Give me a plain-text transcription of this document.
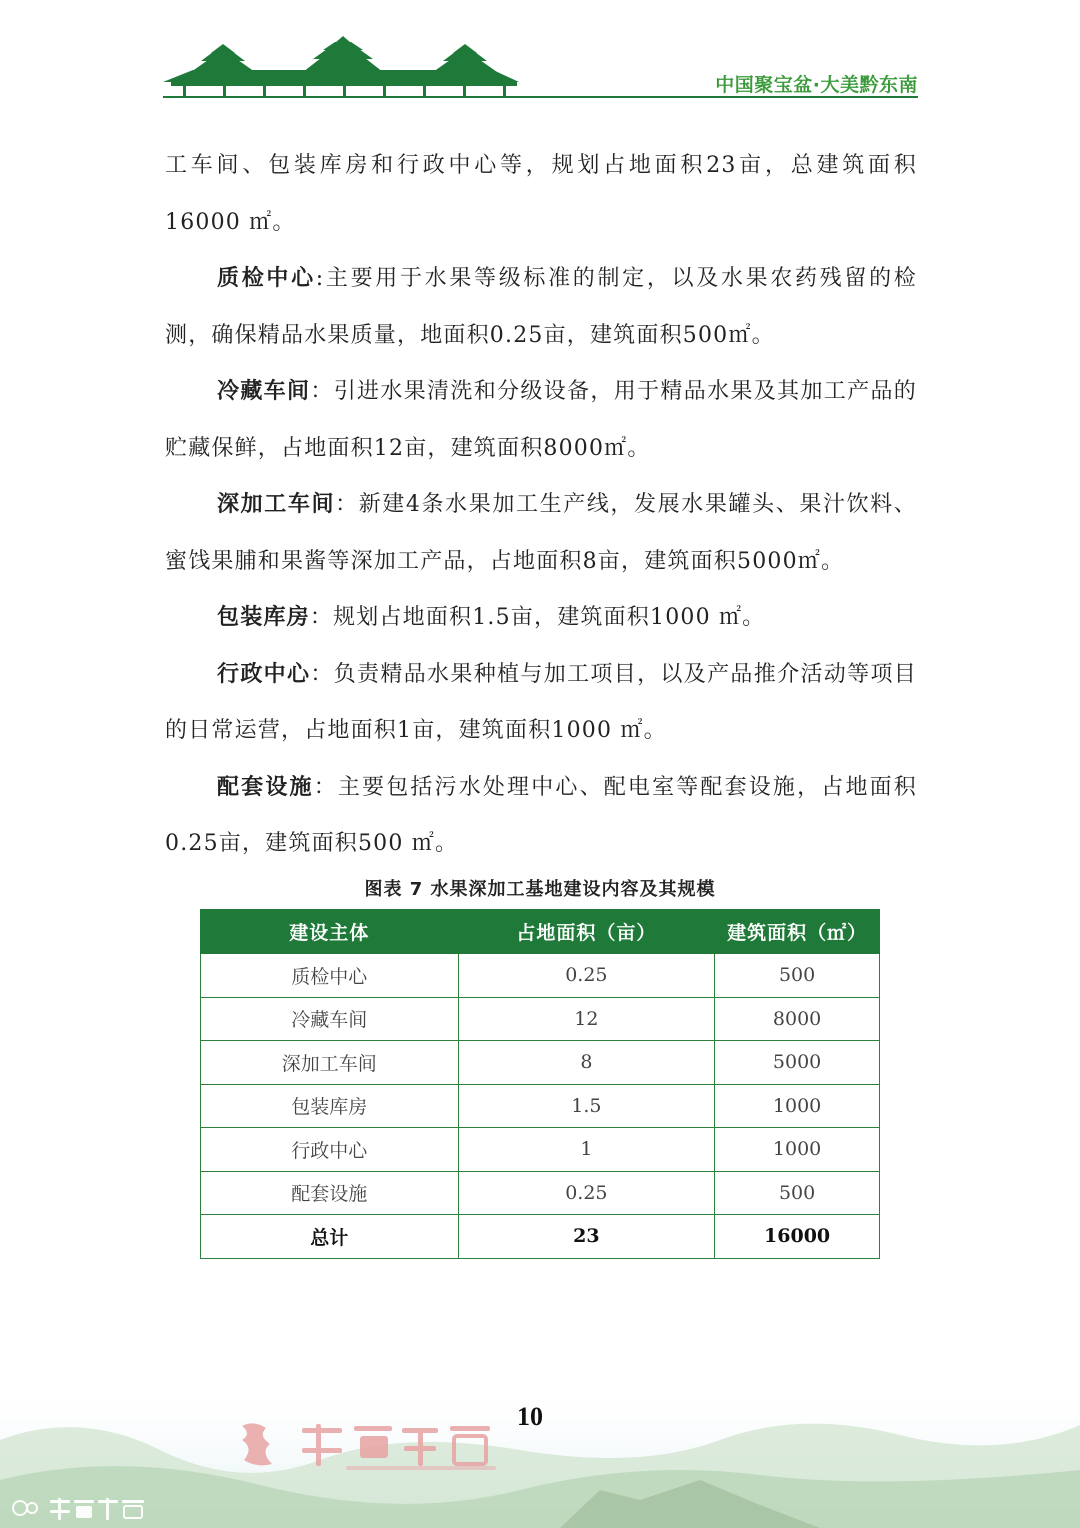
中国聚宝盆·大美黔东南

工车间、包装库房和行政中心等，规划占地面积23亩，总建筑面积16000 ㎡。

质检中心:主要用于水果等级标准的制定，以及水果农药残留的检测，确保精品水果质量，地面积0.25亩，建筑面积500㎡。

冷藏车间：引进水果清洗和分级设备，用于精品水果及其加工产品的贮藏保鲜，占地面积12亩，建筑面积8000㎡。

深加工车间：新建4条水果加工生产线，发展水果罐头、果汁饮料、蜜饯果脯和果酱等深加工产品，占地面积8亩，建筑面积5000㎡。

包装库房：规划占地面积1.5亩，建筑面积1000 ㎡。

行政中心：负责精品水果种植与加工项目，以及产品推介活动等项目的日常运营，占地面积1亩，建筑面积1000 ㎡。

配套设施：主要包括污水处理中心、配电室等配套设施，占地面积0.25亩，建筑面积500 ㎡。

图表 7 水果深加工基地建设内容及其规模
建设主体	占地面积（亩）	建筑面积（㎡）
质检中心	0.25	500
冷藏车间	12	8000
深加工车间	8	5000
包装库房	1.5	1000
行政中心	1	1000
配套设施	0.25	500
总计	23	16000
10
